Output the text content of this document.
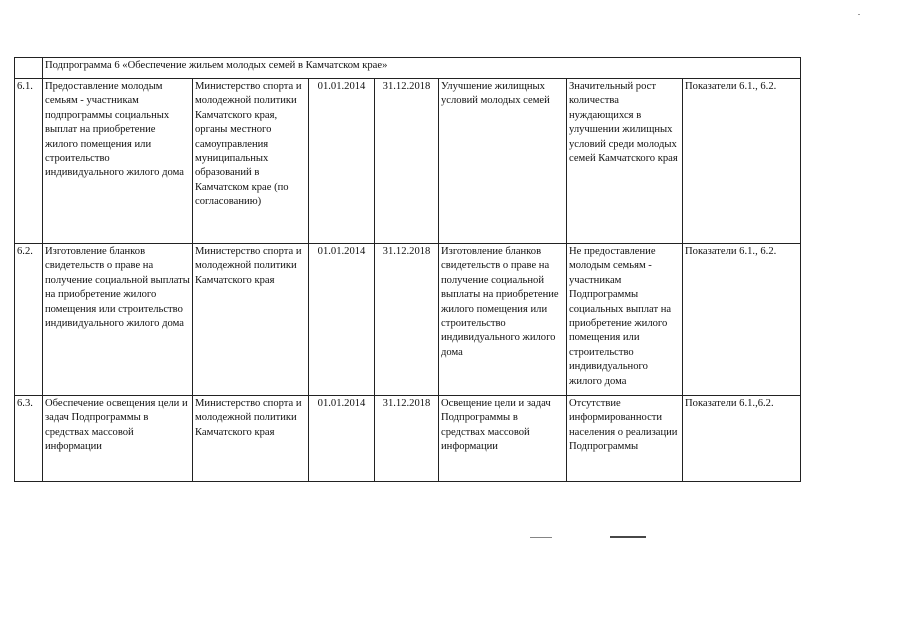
	Подпрограмма 6 «Обеспечение жильем молодых семей в Камчатском крае»						
6.1.	Предоставление молодым семьям - участникам подпрограммы социальных выплат на приобретение жилого помещения или строительство индивидуального жилого дома	Министерство спорта и молодежной политики Камчатского края, органы местного самоуправления муниципальных образований в Камчатском крае (по согласованию)	01.01.2014	31.12.2018	Улучшение жилищных условий молодых семей	Значительный рост количества нуждающихся в улучшении жилищных условий среди молодых семей Камчатского края	Показатели 6.1., 6.2.
6.2.	Изготовление бланков свидетельств о праве на получение социальной выплаты на приобретение жилого помещения или строительство индивидуального жилого дома	Министерство спорта и молодежной политики Камчатского края	01.01.2014	31.12.2018	Изготовление бланков свидетельств о праве на получение социальной выплаты на приобретение жилого помещения или строительство индивидуального жилого дома	Не предоставление молодым семьям - участникам Подпрограммы социальных выплат на приобретение жилого помещения или строительство индивидуального жилого дома	Показатели 6.1., 6.2.
6.3.	Обеспечение освещения цели и задач Подпрограммы в средствах массовой информации	Министерство спорта и молодежной политики Камчатского края	01.01.2014	31.12.2018	Освещение цели и задач Подпрограммы в средствах массовой информации	Отсутствие информированности населения о реализации Подпрограммы	Показатели 6.1.,6.2.
